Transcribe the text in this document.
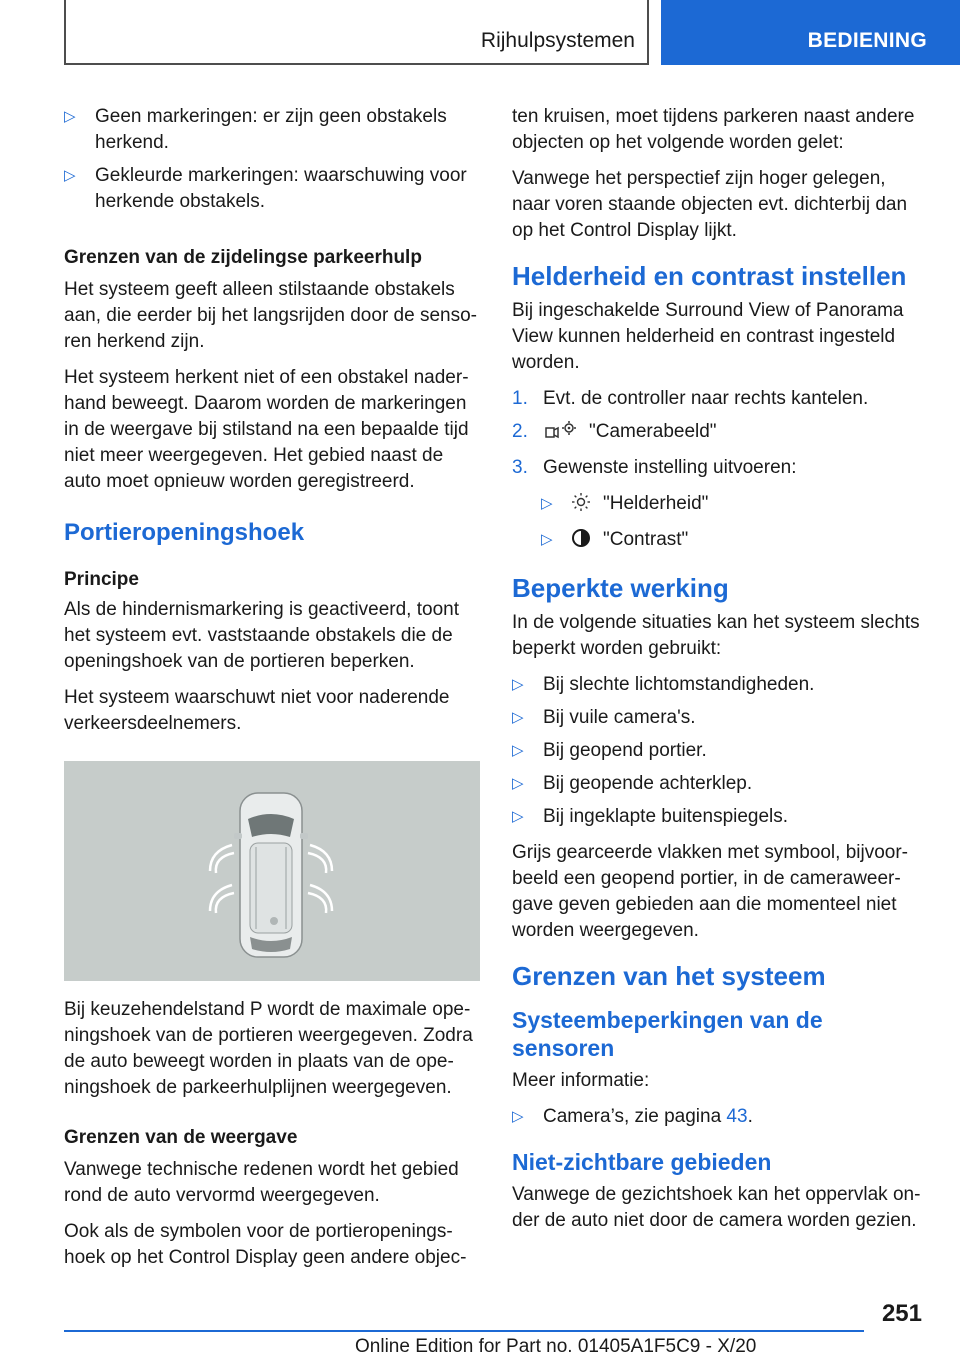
Rijhulpsystemen	BEDIENING
▷ Geen markeringen: er zijn geen obstakels herkend.
▷ Gekleurde markeringen: waarschuwing voor herkende obstakels.
Grenzen van de zijdelingse parkeerhulp

Het systeem geeft alleen stilstaande obstakels aan, die eerder bij het langsrijden door de sensoren herkend zijn.

Het systeem herkent niet of een obstakel naderhand beweegt. Daarom worden de markeringen in de weergave bij stilstand na een bepaalde tijd niet meer weergegeven. Het gebied naast de auto moet opnieuw worden geregistreerd.

Portieropeningshoek
Principe

Als de hindernismarkering is geactiveerd, toont het systeem evt. vaststaande obstakels die de openingshoek van de portieren beperken.

Het systeem waarschuwt niet voor naderende verkeersdeelnemers.

Bij keuzehendelstand P wordt de maximale openingshoek van de portieren weergegeven. Zodra de auto beweegt worden in plaats van de openingshoek de parkeerhulplijnen weergegeven.

Grenzen van de weergave

Vanwege technische redenen wordt het gebied rond de auto vervormd weergegeven.

Ook als de symbolen voor de portieropeningshoek op het Control Display geen andere objec-

ten kruisen, moet tijdens parkeren naast andere objecten op het volgende worden gelet:

Vanwege het perspectief zijn hoger gelegen, naar voren staande objecten evt. dichterbij dan op het Control Display lijkt.

Helderheid en contrast instellen

Bij ingeschakelde Surround View of Panorama View kunnen helderheid en contrast ingesteld worden.

1. Evt. de controller naar rechts kantelen.
2.	"Camerabeeld"
3. Gewenste instelling uitvoeren:
▷	"Helderheid"
▷	"Contrast"
Beperkte werking

In de volgende situaties kan het systeem slechts beperkt worden gebruikt:

▷ Bij slechte lichtomstandigheden.
▷ Bij vuile camera's.
▷ Bij geopend portier.
▷ Bij geopende achterklep.
▷ Bij ingeklapte buitenspiegels.

Grijs gearceerde vlakken met symbool, bijvoorbeeld een geopend portier, in de cameraweergave geven gebieden aan die momenteel niet worden weergegeven.

Grenzen van het systeem
Systeembeperkingen van de sensoren

Meer informatie:

▷ Camera’s, zie pagina 43.
Niet-zichtbare gebieden

Vanwege de gezichtshoek kan het oppervlak onder de auto niet door de camera worden gezien.

251
Online Edition for Part no. 01405A1F5C9 - X/20
